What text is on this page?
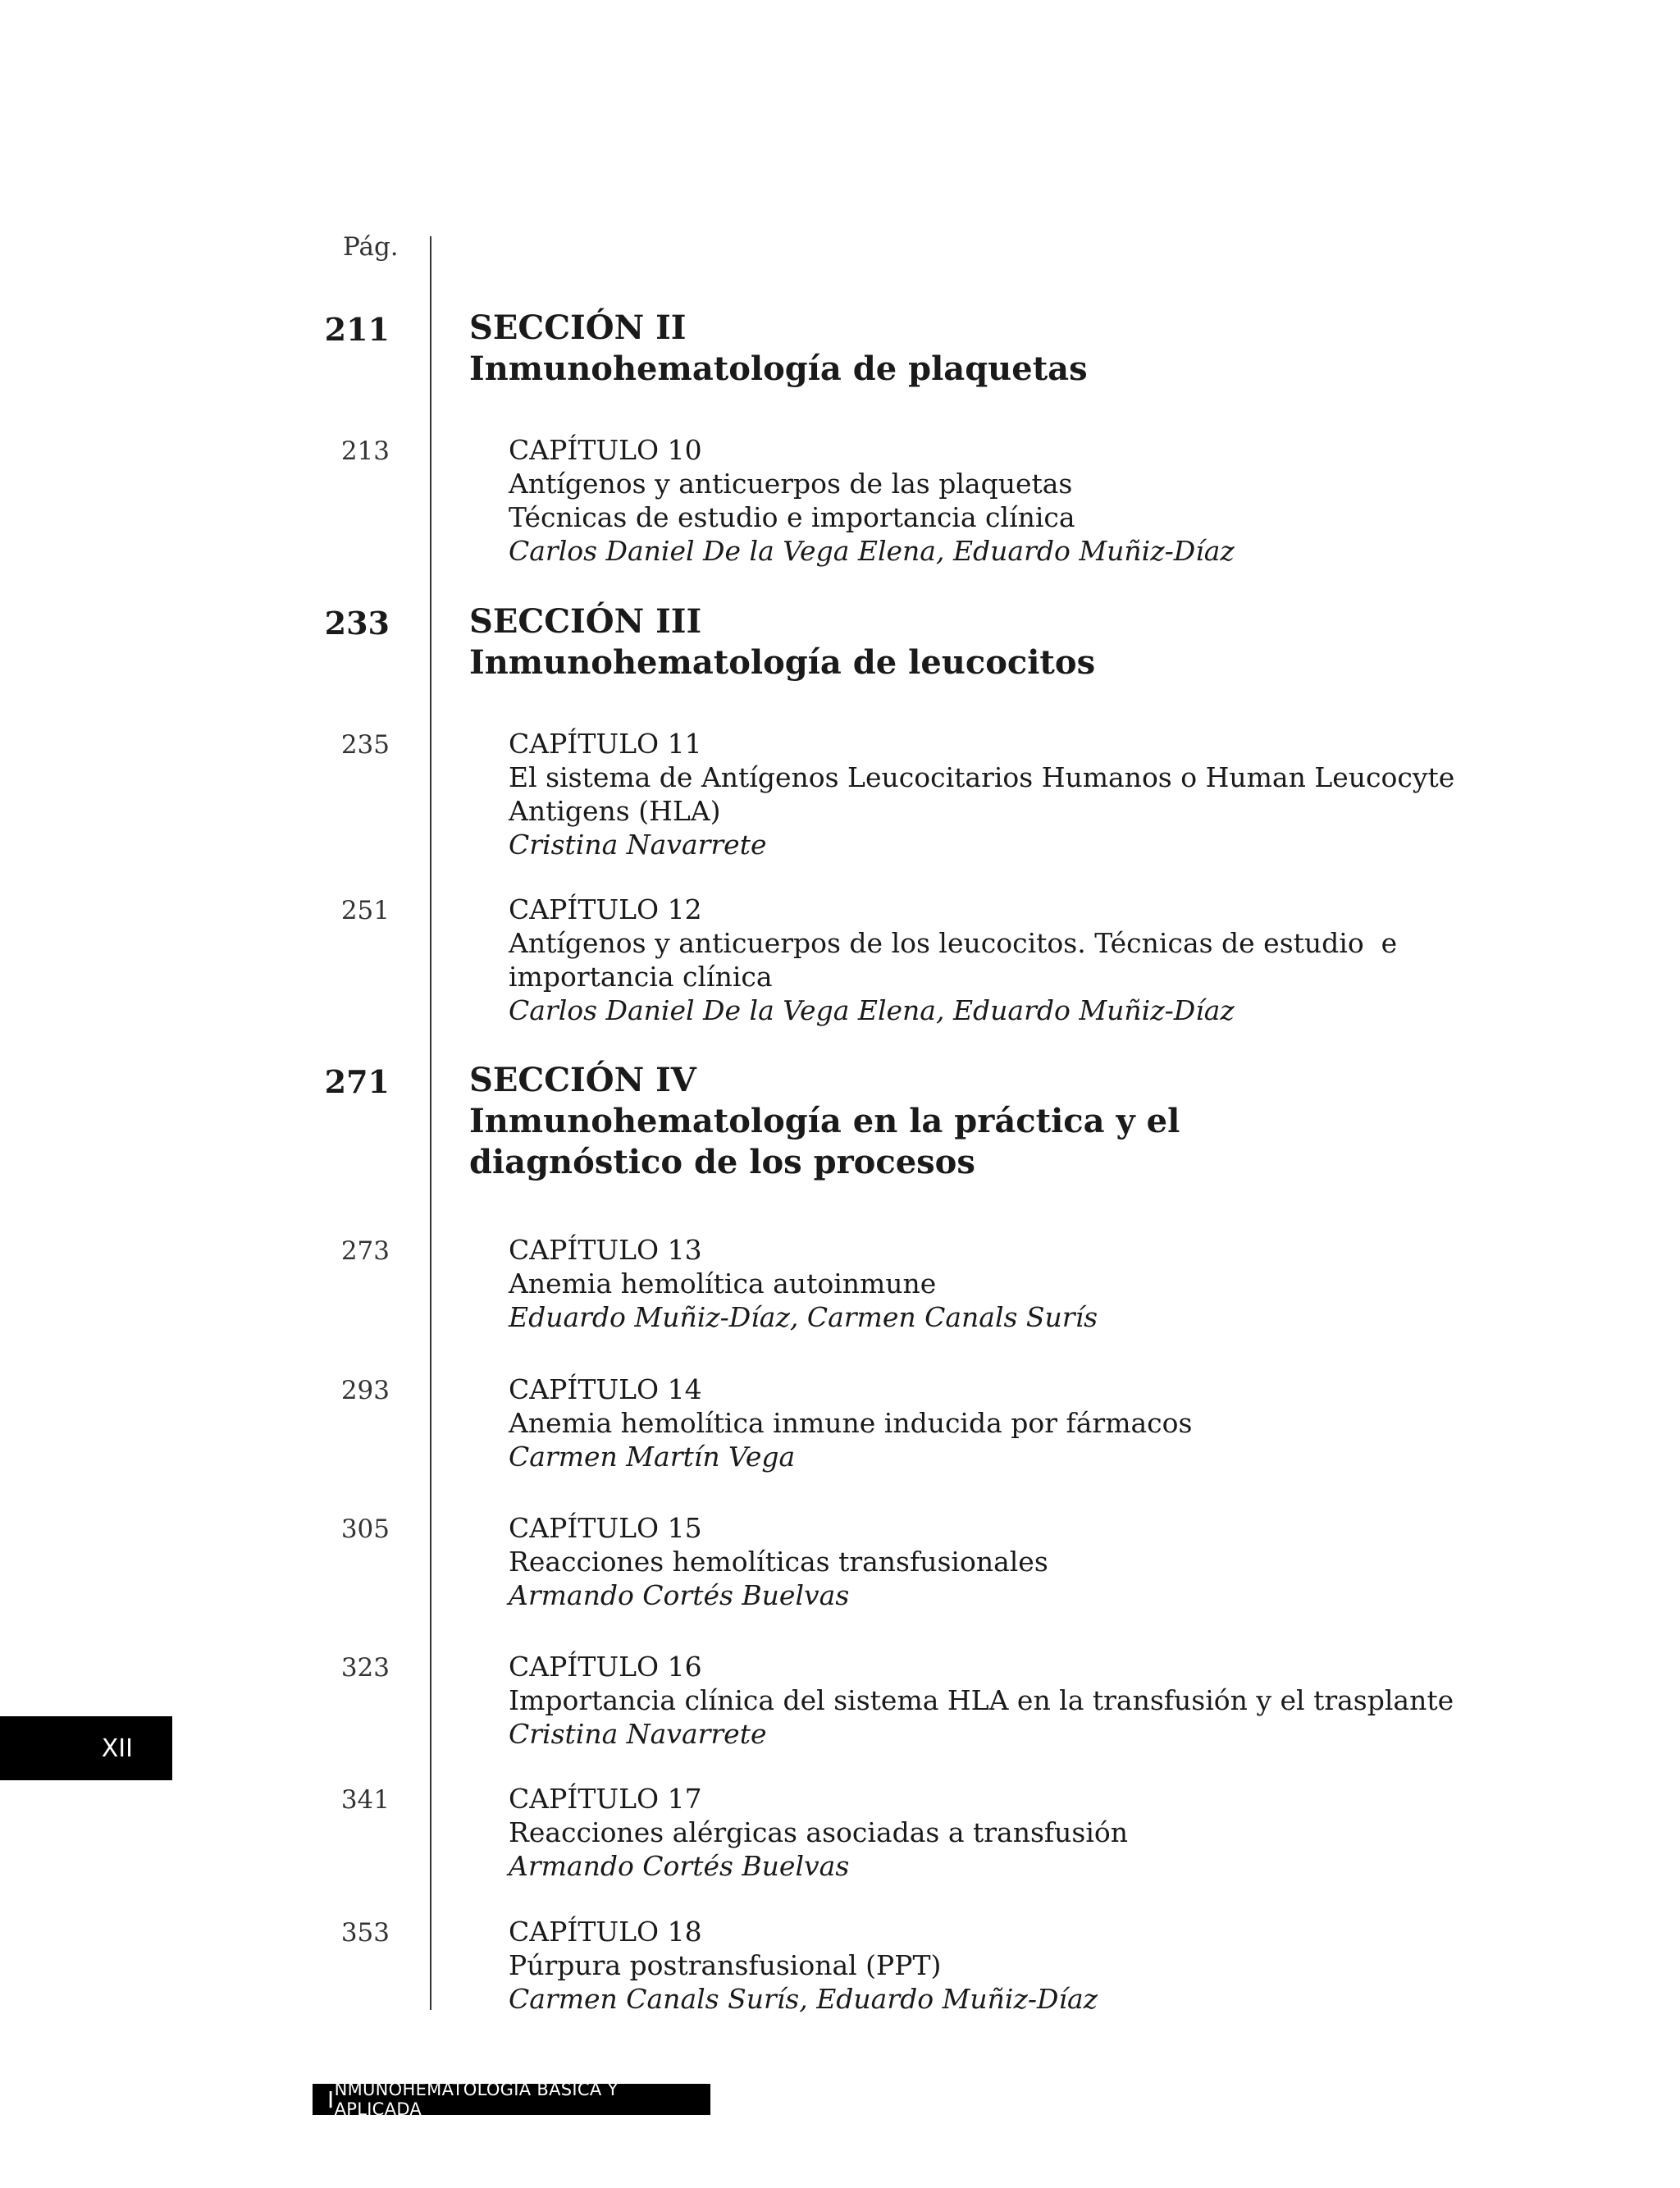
Pág.
211 SECCIÓN II
Inmunohematología de plaquetas
213	CAPÍTULO 10
Antígenos y anticuerpos de las plaquetas
Técnicas de estudio e importancia clínica
Carlos Daniel De la Vega Elena, Eduardo Muñiz-Díaz
233 SECCIÓN III
Inmunohematología de leucocitos
235	CAPÍTULO 11
El sistema de Antígenos Leucocitarios Humanos o Human Leucocyte
Antigens (HLA)
Cristina Navarrete
251	CAPÍTULO 12
Antígenos y anticuerpos de los leucocitos. Técnicas de estudio  e
importancia clínica
Carlos Daniel De la Vega Elena, Eduardo Muñiz-Díaz
271 SECCIÓN IV
Inmunohematología en la práctica y el
diagnóstico de los procesos
273	CAPÍTULO 13
Anemia hemolítica autoinmune
Eduardo Muñiz-Díaz, Carmen Canals Surís
293	CAPÍTULO 14
Anemia hemolítica inmune inducida por fármacos
Carmen Martín Vega
305	CAPÍTULO 15
Reacciones hemolíticas transfusionales
Armando Cortés Buelvas
323	CAPÍTULO 16
Importancia clínica del sistema HLA en la transfusión y el trasplante
Cristina Navarrete
341	CAPÍTULO 17
Reacciones alérgicas asociadas a transfusión
Armando Cortés Buelvas
353	CAPÍTULO 18
Púrpura postransfusional (PPT)
Carmen Canals Surís, Eduardo Muñiz-Díaz
XII
I NMUNOHEMATOLOGÍA BÁSICA Y APLICADA
